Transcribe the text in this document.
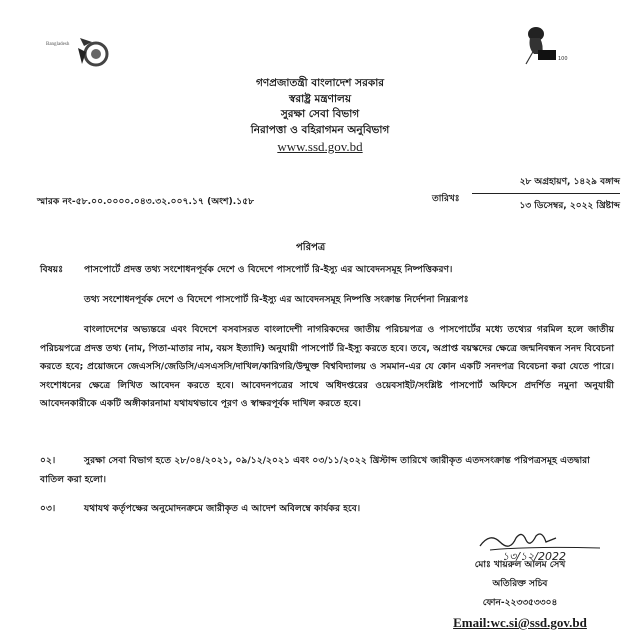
Bangladesh
100
গণপ্রজাতন্ত্রী বাংলাদেশ সরকার
স্বরাষ্ট্র মন্ত্রণালয়
সুরক্ষা সেবা বিভাগ
নিরাপত্তা ও বহিরাগমন অনুবিভাগ
www.ssd.gov.bd
স্মারক নং-৫৮.০০.০০০০.০৪৩.৩২.০০৭.১৭ (অংশ).১৫৮	তারিখঃ
২৮ অগ্রহায়ণ, ১৪২৯ বঙ্গাব্দ
১৩ ডিসেম্বর, ২০২২ খ্রিষ্টাব্দ
পরিপত্র
বিষয়ঃ পাসপোর্টে প্রদত্ত তথ্য সংশোধনপূর্বক দেশে ও বিদেশে পাসপোর্ট রি-ইস্যু এর আবেদনসমূহ নিষ্পত্তিকরণ।
তথ্য সংশোধনপূর্বক দেশে ও বিদেশে পাসপোর্ট রি-ইস্যু এর আবেদনসমূহ নিষ্পত্তি সংক্রান্ত নির্দেশনা নিম্নরূপঃ
বাংলাদেশের অভ্যন্তরে এবং বিদেশে বসবাসরত বাংলাদেশী নাগরিকদের জাতীয় পরিচয়পত্র ও পাসপোর্টের মধ্যে তথ্যের গরমিল হলে জাতীয় পরিচয়পত্রে প্রদত্ত তথ্য (নাম, পিতা-মাতার নাম, বয়স ইত্যাদি) অনুযায়ী পাসপোর্ট রি-ইস্যু করতে হবে। তবে, অপ্রাপ্ত বয়স্কদের ক্ষেত্রে জন্মনিবন্ধন সনদ বিবেচনা করতে হবে; প্রয়োজনে জেএসসি/জেডিসি/এসএসসি/দাখিল/কারিগরি/উন্মুক্ত বিশ্ববিদ্যালয় ও সমমান-এর যে কোন একটি সনদপত্র বিবেচনা করা যেতে পারে। সংশোধনের ক্ষেত্রে লিখিত আবেদন করতে হবে। আবেদনপত্রের সাথে অধিদপ্তরের ওয়েবসাইট/সংশ্লিষ্ট পাসপোর্ট অফিসে প্রদর্শিত নমুনা অনুযায়ী আবেদনকারীকে একটি অঙ্গীকারনামা যথাযথভাবে পূরণ ও স্বাক্ষরপূর্বক দাখিল করতে হবে।
০২।	সুরক্ষা সেবা বিভাগ হতে ২৮/০৪/২০২১, ০৯/১২/২০২১ এবং ০৩/১১/২০২২ খ্রিস্টাব্দ তারিখে জারীকৃত এতদসংক্রান্ত পরিপত্রসমূহ এতদ্বারা বাতিল করা হলো।
০৩।	যথাযথ কর্তৃপক্ষের অনুমোদনক্রমে জারীকৃত এ আদেশ অবিলম্বে কার্যকর হবে।
১৩/১২/2022
মোঃ খায়রুল আলম সেখ
অতিরিক্ত সচিব
ফোন-২২৩৩৫৩৩০৪
Email:wc.si@ssd.gov.bd
